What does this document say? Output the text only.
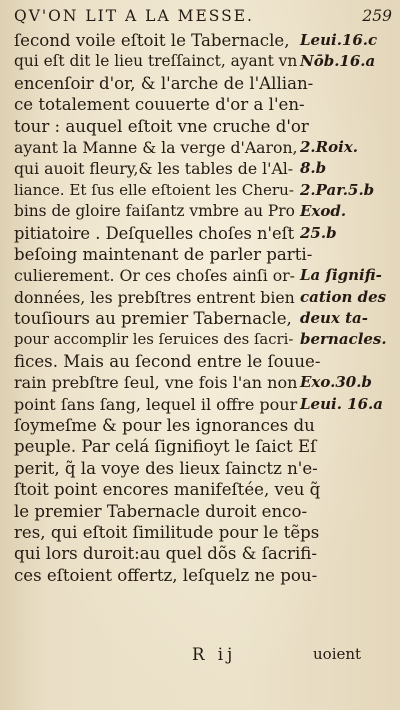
QV'ON LIT A LA MESSE.	259
ſecond voile eſtoit le Tabernacle, Leui.16.c
qui eſt dit le lieu treſſainct, ayant vn Nōb.16.a
encenſoir d'or, & l'arche de l'Allian-
ce totalement couuerte d'or a l'en-
tour : auquel eſtoit vne cruche d'or
ayant la Manne & la verge d'Aaron, 2.Roix.
qui auoit fleury,& les tables de l'Al- 8.b
liance. Et ſus elle eſtoient les Cheru- 2.Par.5.b
bins de gloire faiſantz vmbre au Pro Exod.
pitiatoire . Deſquelles choſes n'eſt 25.b
beſoing maintenant de parler parti-
culierement. Or ces choſes ainſi or- La ſignifi-
données, les prebſtres entrent bien cation des
touſiours au premier Tabernacle, deux ta-
pour accomplir les ſeruices des ſacri- bernacles.
fices. Mais au ſecond entre le ſouue-
rain prebſtre ſeul, vne fois l'an non Exo.30.b
point ſans ſang, lequel il offre pour Leui. 16.a
ſoymeſme & pour les ignorances du
peuple. Par celá ſignifioyt le ſaict Eſ
perit, q̃ la voye des lieux ſainctz n'e-
ſtoit point encores manifeſtée, veu q̃
le premier Tabernacle duroit enco-
res, qui eſtoit ſimilitude pour le tẽps
qui lors duroit:au quel dõs & ſacrifi-
ces eſtoient offertz, leſquelz ne pou-
R ij	uoient
